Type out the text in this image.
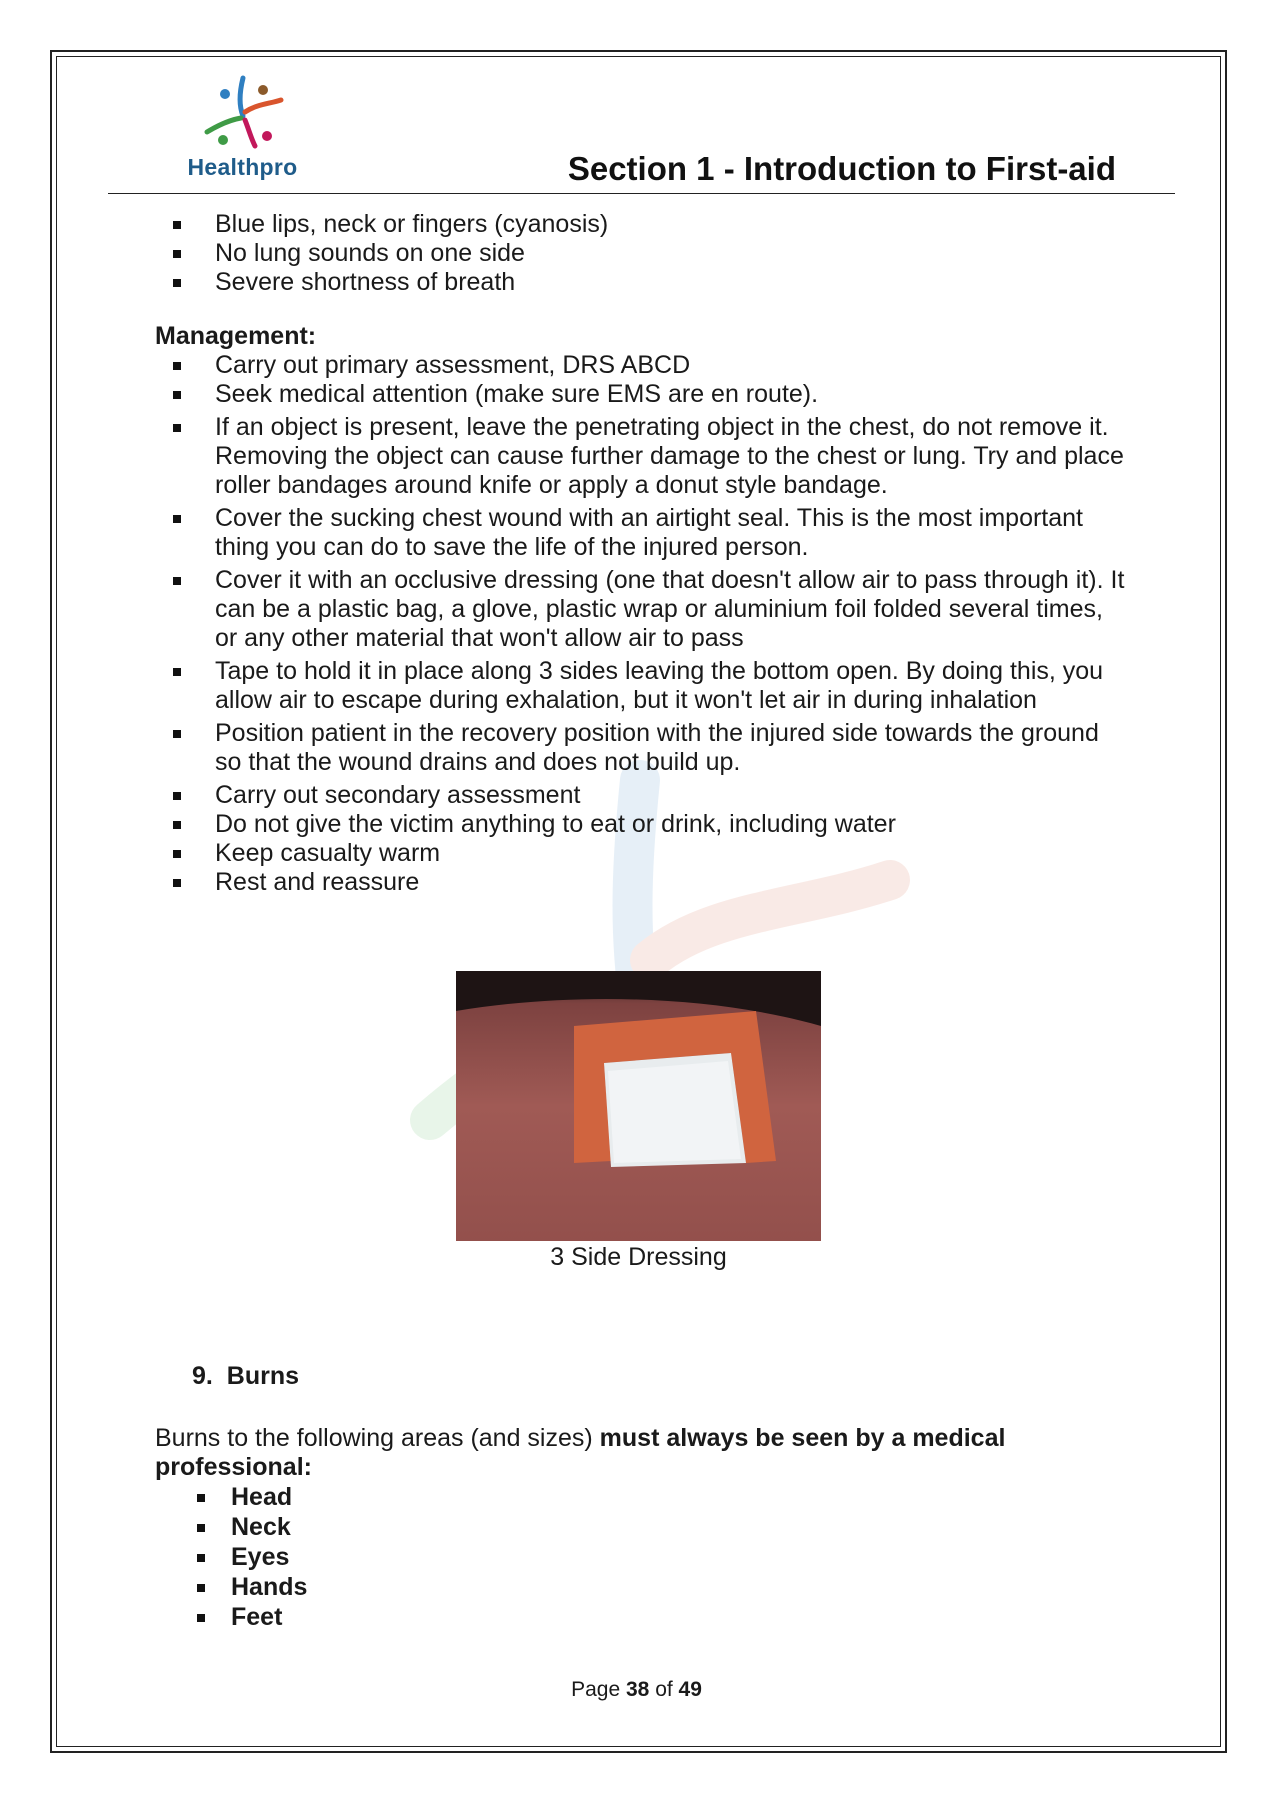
Healthpro	Section 1 - Introduction to First-aid
Blue lips, neck or fingers (cyanosis)
No lung sounds on one side
Severe shortness of breath
Management:
Carry out primary assessment, DRS ABCD
Seek medical attention (make sure EMS are en route).
If an object is present, leave the penetrating object in the chest, do not remove it. Removing the object can cause further damage to the chest or lung. Try and place roller bandages around knife or apply a donut style bandage.
Cover the sucking chest wound with an airtight seal. This is the most important thing you can do to save the life of the injured person.
Cover it with an occlusive dressing (one that doesn't allow air to pass through it). It can be a plastic bag, a glove, plastic wrap or aluminium foil folded several times, or any other material that won't allow air to pass
Tape to hold it in place along 3 sides leaving the bottom open. By doing this, you allow air to escape during exhalation, but it won't let air in during inhalation
Position patient in the recovery position with the injured side towards the ground so that the wound drains and does not build up.
Carry out secondary assessment
Do not give the victim anything to eat or drink, including water
Keep casualty warm
Rest and reassure
3 Side Dressing
9. Burns
Burns to the following areas (and sizes) must always be seen by a medical professional:
Head
Neck
Eyes
Hands
Feet
Page 38 of 49
